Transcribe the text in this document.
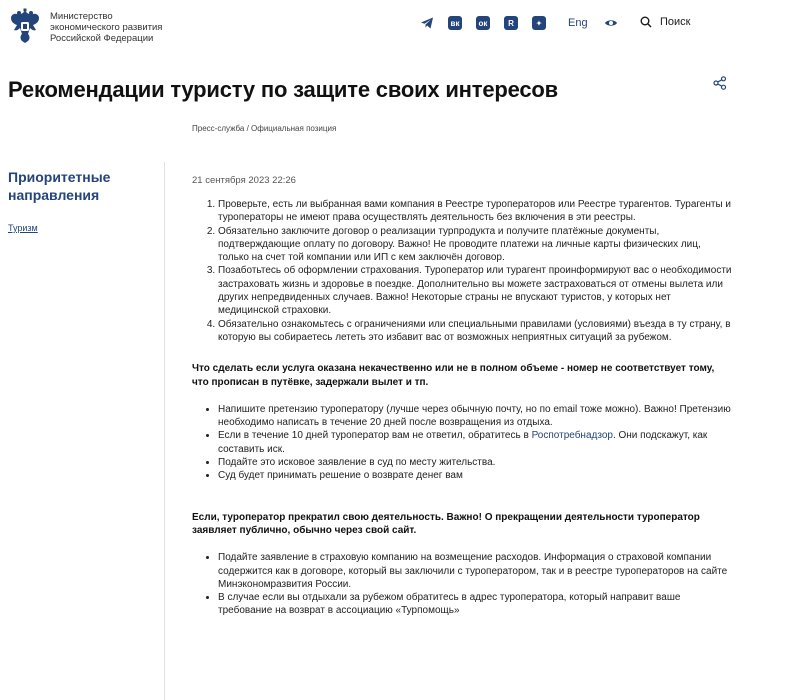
Министерство
экономического развития
Российской Федерации
вк	ок	R	✦	Eng	Поиск
Рекомендации туристу по защите своих интересов
Пресс-служба / Официальная позиция
Приоритетные
направления
Туризм
21 сентября 2023 22:26
1. Проверьте, есть ли выбранная вами компания в Реестре туроператоров или Реестре турагентов. Турагенты и туроператоры не имеют права осуществлять деятельность без включения в эти реестры.
2. Обязательно заключите договор о реализации турпродукта и получите платёжные документы, подтверждающие оплату по договору. Важно! Не проводите платежи на личные карты физических лиц, только на счет той компании или ИП с кем заключён договор.
3. Позаботьтесь об оформлении страхования. Туроператор или турагент проинформируют вас о необходимости застраховать жизнь и здоровье в поездке. Дополнительно вы можете застраховаться от отмены вылета или других непредвиденных случаев. Важно! Некоторые страны не впускают туристов, у которых нет медицинской страховки.
4. Обязательно ознакомьтесь с ограничениями или специальными правилами (условиями) въезда в ту страну, в которую вы собираетесь лететь это избавит вас от возможных неприятных ситуаций за рубежом.

Что сделать если услуга оказана некачественно или не в полном объеме - номер не соответствует тому, что прописан в путёвке, задержали вылет и тп.

• Напишите претензию туроператору (лучше через обычную почту, но по email тоже можно). Важно! Претензию необходимо написать в течение 20 дней после возвращения из отдыха.
• Если в течение 10 дней туроператор вам не ответил, обратитесь в Роспотребнадзор. Они подскажут, как составить иск.
• Подайте это исковое заявление в суд по месту жительства.
• Суд будет принимать решение о возврате денег вам

Если, туроператор прекратил свою деятельность. Важно! О прекращении деятельности туроператор заявляет публично, обычно через свой сайт.

• Подайте заявление в страховую компанию на возмещение расходов. Информация о страховой компании содержится как в договоре, который вы заключили с туроператором, так и в реестре туроператоров на сайте Минэкономразвития России.
• В случае если вы отдыхали за рубежом обратитесь в адрес туроператора, который направит ваше требование на возврат в ассоциацию «Турпомощь»
